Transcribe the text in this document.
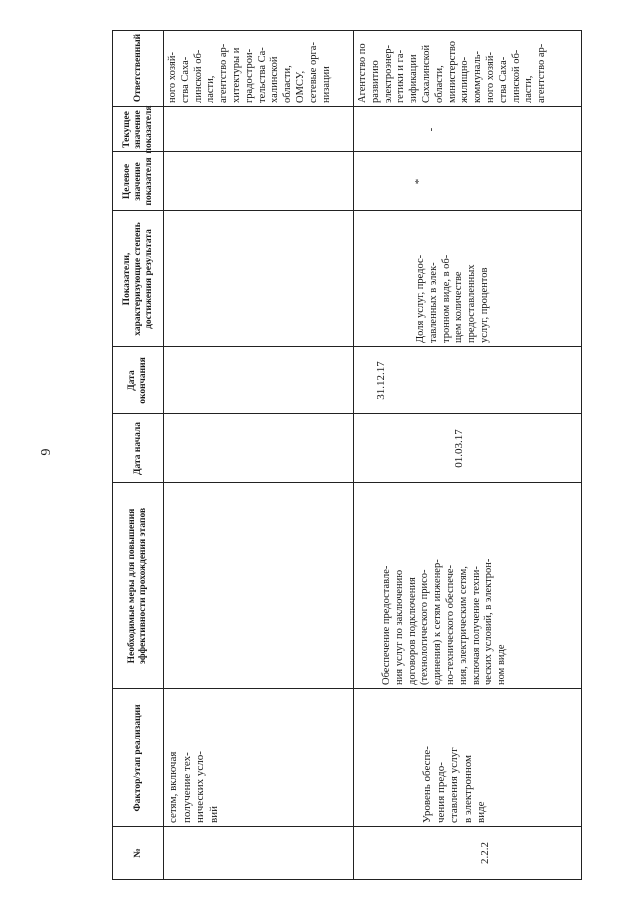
6
№
Фактор/этап реализации
Необходимые меры для повышения эффективности прохождения этапов
Дата начала
Дата окончания
Показатели, характеризующие степень достижения результата
Целевое значение показателя
Текущее значение показателя
Ответственный
сетям, включая
получение тех-
нических усло-
вий
ного хозяй-
ства Саха-
линской об-
ласти,
агентство ар-
хитектуры и
градострои-
тельства Са-
халинской
области,
ОМСУ,
сетевые орга-
низации
2.2.2
Уровень обеспе-
чения предо-
ставления услуг
в электронном
виде
Обеспечение предоставле-
ния услуг по заключению
договоров подключения
(технологического присо-
единения) к сетям инженер-
но-технического обеспече-
ния, электрическим сетям,
включая получение техни-
ческих условий, в электрон-
ном виде
01.03.17
31.12.17
Доля услуг, предос-
тавленных в элек-
тронном виде, в об-
щем количестве
предоставленных
услуг, процентов
*
-
Агентство по
развитию
электроэнер-
гетики и га-
зификации
Сахалинской
области,
министерство
жилищно-
коммуналь-
ного хозяй-
ства Саха-
линской об-
ласти,
агентство ар-
